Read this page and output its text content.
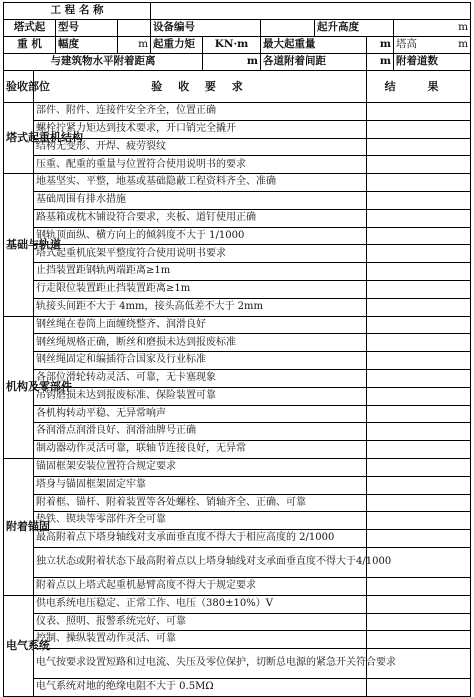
工 程 名 称									
塔式起		型号		设备编号			起升高度		m
重 机		幅度	m	起重力矩	KN·m	最大起重量		m	塔高 m

与建筑物水平附着距离					m	各道附着间距		m	附着道数
验收部位	验 收 要 求							结 果	
塔式起重机结构	部件、附件、连接件安全齐全，位置正确								
	螺栓拧紧力矩达到技术要求，开口销完全撬开								
	结构无变形、开焊、疲劳裂纹								
	压重、配重的重量与位置符合使用说明书的要求								
基础与轨道	地基坚实、平整，地基或基础隐蔽工程资料齐全、准确								
	基础周围有排水措施								
	路基箱或枕木铺设符合要求，夹板、道钉使用正确								
	钢轨顶面纵、横方向上的倾斜度不大于 1/1000								
	塔式起重机底架平整度符合使用说明书要求								
	止挡装置距钢轨两端距离≥1m								
	行走限位装置距止挡装置距离≥1m								
	轨接头间距不大于 4mm，接头高低差不大于 2mm								
机构及零部件	钢丝绳在卷筒上面缠绕整齐、润滑良好								
	钢丝绳规格正确，断丝和磨损未达到报废标准								
	钢丝绳固定和编插符合国家及行业标准								
	各部位滑轮转动灵活、可靠，无卡塞现象								
	吊钩磨损未达到报废标准、保险装置可靠								
	各机构转动平稳、无异常响声								
	各润滑点润滑良好、润滑油牌号正确								
	制动器动作灵活可靠，联轴节连接良好，无异常								
附着锚固	锚固框架安装位置符合规定要求								
	塔身与锚固框架固定牢靠								
	附着框、锚杆、附着装置等各处螺栓、销轴齐全、正确、可靠								
	垫铁、锲块等零部件齐全可靠								
	最高附着点下塔身轴线对支承面垂直度不得大于相应高度的 2/1000								
	独立状态或附着状态下最高附着点以上塔身轴线对支承面垂直度不得大于4/1000								
	附着点以上塔式起重机悬臂高度不得大于规定要求								
电气系统	供电系统电压稳定、正常工作、电压（380±10%）V								
	仪表、照明、报警系统完好、可靠								
	控制、操纵装置动作灵活、可靠								
	电气按要求设置短路和过电流、失压及零位保护，切断总电源的紧急开关符合要求								
	电气系统对地的绝缘电阻不大于 0.5MΩ								
